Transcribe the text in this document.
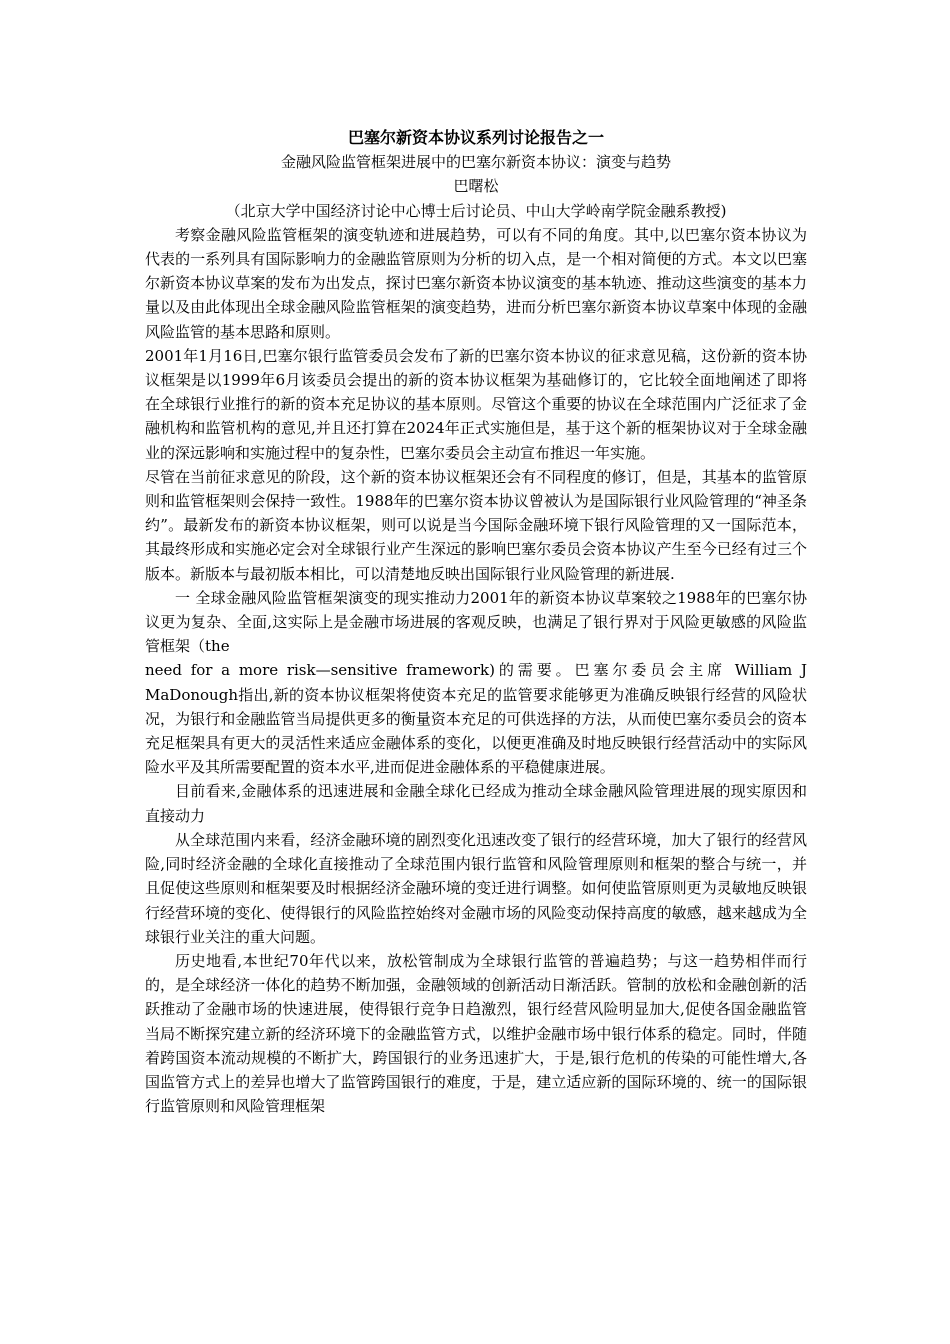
巴塞尔新资本协议系列讨论报告之一

金融风险监管框架进展中的巴塞尔新资本协议：演变与趋势

巴曙松

（北京大学中国经济讨论中心博士后讨论员、中山大学岭南学院金融系教授)

考察金融风险监管框架的演变轨迹和进展趋势，可以有不同的角度。其中,以巴塞尔资本协议为代表的一系列具有国际影响力的金融监管原则为分析的切入点，是一个相对简便的方式。本文以巴塞尔新资本协议草案的发布为出发点，探讨巴塞尔新资本协议演变的基本轨迹、推动这些演变的基本力量以及由此体现出全球金融风险监管框架的演变趋势，进而分析巴塞尔新资本协议草案中体现的金融风险监管的基本思路和原则。

2001年1月16日,巴塞尔银行监管委员会发布了新的巴塞尔资本协议的征求意见稿，这份新的资本协议框架是以1999年6月该委员会提出的新的资本协议框架为基础修订的，它比较全面地阐述了即将在全球银行业推行的新的资本充足协议的基本原则。尽管这个重要的协议在全球范围内广泛征求了金融机构和监管机构的意见,并且还打算在2024年正式实施但是，基于这个新的框架协议对于全球金融业的深远影响和实施过程中的复杂性，巴塞尔委员会主动宣布推迟一年实施。

尽管在当前征求意见的阶段，这个新的资本协议框架还会有不同程度的修订，但是，其基本的监管原则和监管框架则会保持一致性。1988年的巴塞尔资本协议曾被认为是国际银行业风险管理的“神圣条约”。最新发布的新资本协议框架，则可以说是当今国际金融环境下银行风险管理的又一国际范本，其最终形成和实施必定会对全球银行业产生深远的影响巴塞尔委员会资本协议产生至今已经有过三个版本。新版本与最初版本相比，可以清楚地反映出国际银行业风险管理的新进展.

一 全球金融风险监管框架演变的现实推动力2001年的新资本协议草案较之1988年的巴塞尔协议更为复杂、全面,这实际上是金融市场进展的客观反映，也满足了银行界对于风险更敏感的风险监管框架（the

need for a more risk—sensitive framework)的需要。巴塞尔委员会主席 William J MaDonough指出,新的资本协议框架将使资本充足的监管要求能够更为准确反映银行经营的风险状况，为银行和金融监管当局提供更多的衡量资本充足的可供选择的方法，从而使巴塞尔委员会的资本充足框架具有更大的灵活性来适应金融体系的变化，以便更准确及时地反映银行经营活动中的实际风险水平及其所需要配置的资本水平,进而促进金融体系的平稳健康进展。

目前看来,金融体系的迅速进展和金融全球化已经成为推动全球金融风险管理进展的现实原因和直接动力

从全球范围内来看，经济金融环境的剧烈变化迅速改变了银行的经营环境，加大了银行的经营风险,同时经济金融的全球化直接推动了全球范围内银行监管和风险管理原则和框架的整合与统一，并且促使这些原则和框架要及时根据经济金融环境的变迁进行调整。如何使监管原则更为灵敏地反映银行经营环境的变化、使得银行的风险监控始终对金融市场的风险变动保持高度的敏感，越来越成为全球银行业关注的重大问题。

历史地看,本世纪70年代以来，放松管制成为全球银行监管的普遍趋势；与这一趋势相伴而行的，是全球经济一体化的趋势不断加强，金融领域的创新活动日渐活跃。管制的放松和金融创新的活跃推动了金融市场的快速进展，使得银行竞争日趋激烈，银行经营风险明显加大,促使各国金融监管当局不断探究建立新的经济环境下的金融监管方式，以维护金融市场中银行体系的稳定。同时，伴随着跨国资本流动规模的不断扩大，跨国银行的业务迅速扩大，于是,银行危机的传染的可能性增大,各国监管方式上的差异也增大了监管跨国银行的难度，于是，建立适应新的国际环境的、统一的国际银行监管原则和风险管理框架
